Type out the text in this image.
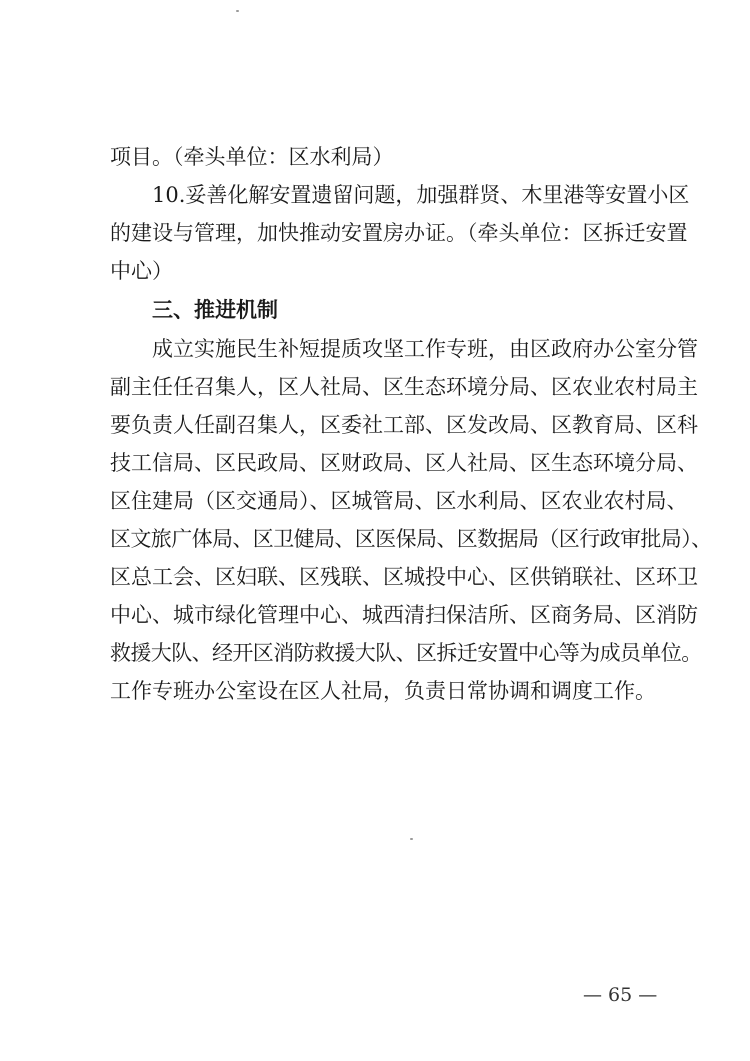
项目。（牵头单位：区水利局）
10.妥善化解安置遗留问题，加强群贤、木里港等安置小区
的建设与管理，加快推动安置房办证。（牵头单位：区拆迁安置
中心）
三、推进机制
成立实施民生补短提质攻坚工作专班，由区政府办公室分管
副主任任召集人，区人社局、区生态环境分局、区农业农村局主
要负责人任副召集人，区委社工部、区发改局、区教育局、区科
技工信局、区民政局、区财政局、区人社局、区生态环境分局、
区住建局（区交通局）、区城管局、区水利局、区农业农村局、
区文旅广体局、区卫健局、区医保局、区数据局（区行政审批局）、
区总工会、区妇联、区残联、区城投中心、区供销联社、区环卫
中心、城市绿化管理中心、城西清扫保洁所、区商务局、区消防
救援大队、经开区消防救援大队、区拆迁安置中心等为成员单位。
工作专班办公室设在区人社局，负责日常协调和调度工作。
— 65 —
